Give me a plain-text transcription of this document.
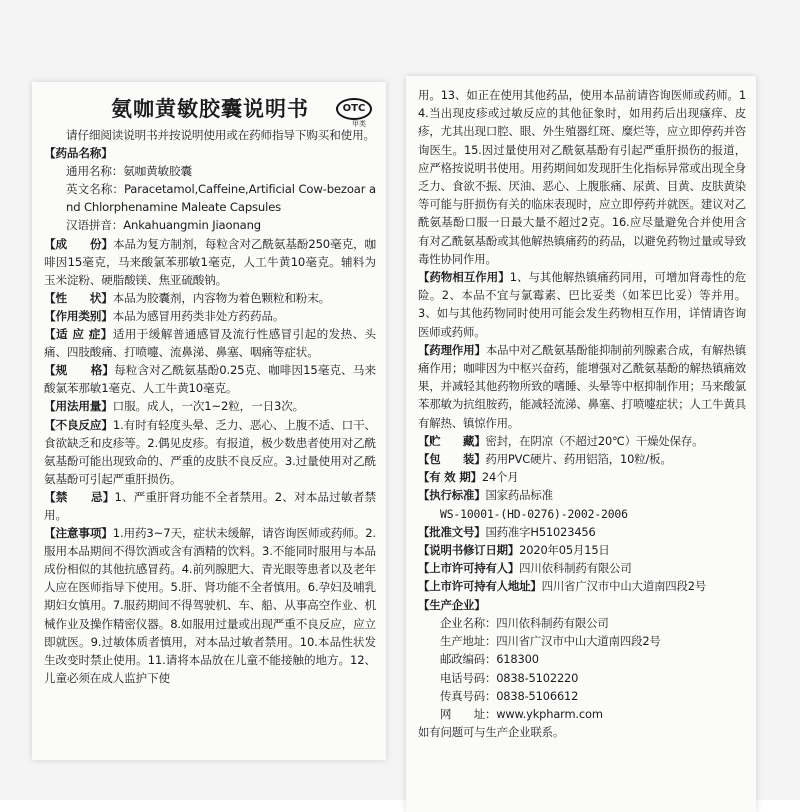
氨咖黄敏胶囊说明书	OTC
甲类
请仔细阅读说明书并按说明使用或在药师指导下购买和使用。
【药品名称】
通用名称：氨咖黄敏胶囊
英文名称：Paracetamol,Caffeine,Artificial Cow-bezoar and Chlorphenamine Maleate Capsules
汉语拼音：Ankahuangmin Jiaonang
【成　　份】本品为复方制剂，每粒含对乙酰氨基酚250毫克，咖啡因15毫克，马来酸氯苯那敏1毫克，人工牛黄10毫克。辅料为玉米淀粉、硬脂酸镁、焦亚硫酸钠。
【性　　状】本品为胶囊剂，内容物为着色颗粒和粉末。
【作用类别】本品为感冒用药类非处方药药品。
【适 应 症】适用于缓解普通感冒及流行性感冒引起的发热、头痛、四肢酸痛、打喷嚏、流鼻涕、鼻塞、咽痛等症状。
【规　　格】每粒含对乙酰氨基酚0.25克、咖啡因15毫克、马来酸氯苯那敏1毫克、人工牛黄10毫克。
【用法用量】口服。成人，一次1~2粒，一日3次。
【不良反应】1.有时有轻度头晕、乏力、恶心、上腹不适、口干、食欲缺乏和皮疹等。2.偶见皮疹。有报道，极少数患者使用对乙酰氨基酚可能出现致命的、严重的皮肤不良反应。3.过量使用对乙酰氨基酚可引起严重肝损伤。
【禁　　忌】1、严重肝肾功能不全者禁用。2、对本品过敏者禁用。
【注意事项】1.用药3~7天，症状未缓解，请咨询医师或药师。2.服用本品期间不得饮酒或含有酒精的饮料。3.不能同时服用与本品成份相似的其他抗感冒药。4.前列腺肥大、青光眼等患者以及老年人应在医师指导下使用。5.肝、肾功能不全者慎用。6.孕妇及哺乳期妇女慎用。7.服药期间不得驾驶机、车、船、从事高空作业、机械作业及操作精密仪器。8.如服用过量或出现严重不良反应，应立即就医。9.过敏体质者慎用，对本品过敏者禁用。10.本品性状发生改变时禁止使用。11.请将本品放在儿童不能接触的地方。12、儿童必须在成人监护下使
用。13、如正在使用其他药品，使用本品前请咨询医师或药师。14.当出现皮疹或过敏反应的其他征象时，如用药后出现瘙痒、皮疹，尤其出现口腔、眼、外生殖器红斑、糜烂等，应立即停药并咨询医生。15.因过量使用对乙酰氨基酚有引起严重肝损伤的报道，应严格按说明书使用。用药期间如发现肝生化指标异常或出现全身乏力、食欲不振、厌油、恶心、上腹胀痛、尿黄、目黄、皮肤黄染等可能与肝损伤有关的临床表现时，应立即停药并就医。建议对乙酰氨基酚口服一日最大量不超过2克。16.应尽量避免合并使用含有对乙酰氨基酚或其他解热镇痛药的药品，以避免药物过量或导致毒性协同作用。
【药物相互作用】1、与其他解热镇痛药同用，可增加肾毒性的危险。2、本品不宜与氯霉素、巴比妥类（如苯巴比妥）等并用。3、如与其他药物同时使用可能会发生药物相互作用，详情请咨询医师或药师。
【药理作用】本品中对乙酰氨基酚能抑制前列腺素合成，有解热镇痛作用；咖啡因为中枢兴奋药，能增强对乙酰氨基酚的解热镇痛效果，并减轻其他药物所致的嗜睡、头晕等中枢抑制作用；马来酸氯苯那敏为抗组胺药，能减轻流涕、鼻塞、打喷嚏症状；人工牛黄具有解热、镇惊作用。
【贮　　藏】密封，在阴凉（不超过20℃）干燥处保存。
【包　　装】药用PVC硬片、药用铝箔，10粒/板。
【有 效 期】24个月
【执行标准】国家药品标准
WS-10001-(HD-0276)-2002-2006
【批准文号】国药准字H51023456
【说明书修订日期】2020年05月15日
【上市许可持有人】四川依科制药有限公司
【上市许可持有人地址】四川省广汉市中山大道南四段2号
【生产企业】
企业名称：四川依科制药有限公司
生产地址：四川省广汉市中山大道南四段2号
邮政编码：618300
电话号码：0838-5102220
传真号码：0838-5106612
网　　址：www.ykpharm.com
如有问题可与生产企业联系。
